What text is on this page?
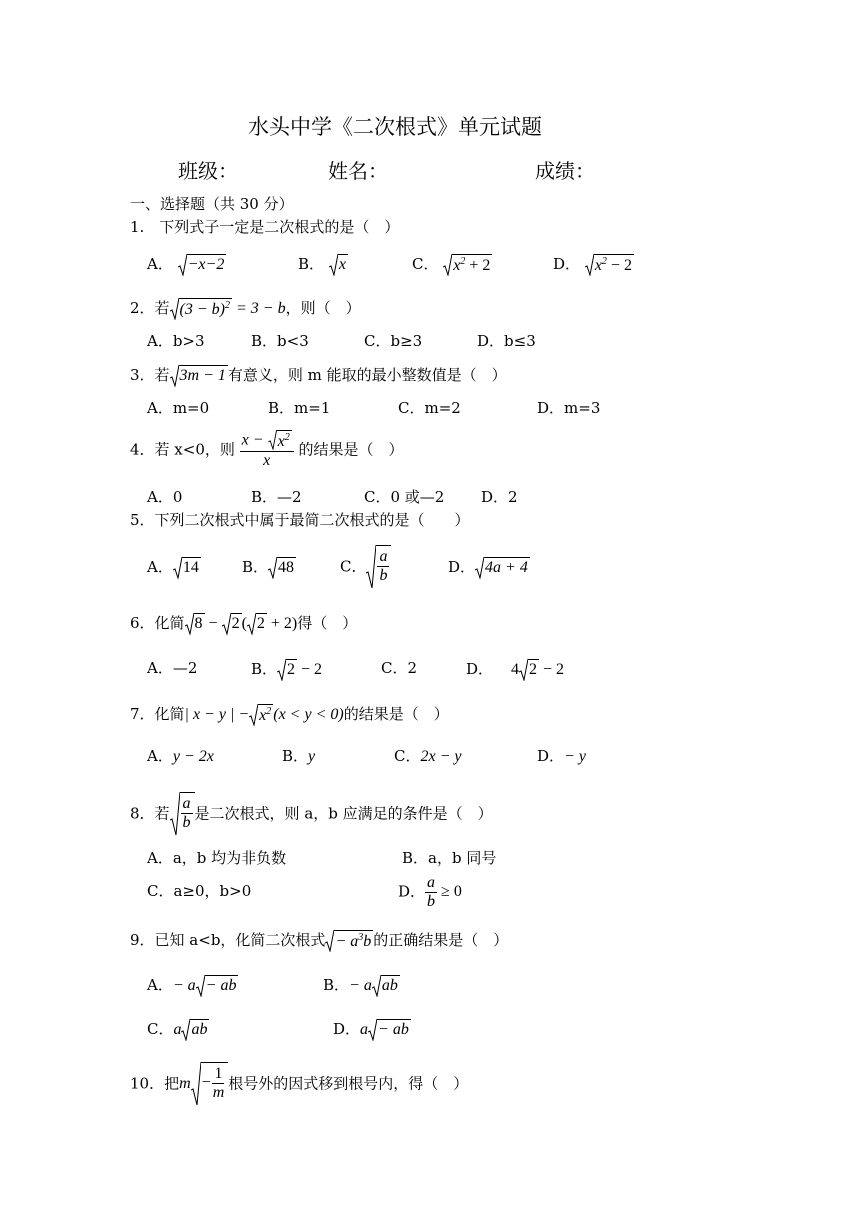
水头中学《二次根式》单元试题
班级：	姓名：	成绩：
一、选择题（共 30 分）
1.　下列式子一定是二次根式的是（　）
A． −x−2	B． x	C． $x^2 + 2$	D． $x^2 - 2$
2．若 $(3 - b)^2 = 3 - b$，则（　）
A．b>3	B．b<3	C．b≥3	D．b≤3
3．若 3m − 1 有意义，则 m 能取的最小整数值是（　）
A．m=0	B．m=1	C．m=2	D．m=3
4．若 x<0，则 $\frac{x - x^2}{x}$ 的结果是（　）
A．0	B．—2	C．0 或—2 D．2
5．下列二次根式中属于最简二次根式的是（　　）
A． 14	B． 48	C． $\frac{a}{b}$	D． 4a + 4
6．化简 8 − 2 ( 2 + 2)得（　）
A．—2	B． 2 − 2	C．2	D． 4 2 − 2
7．化简| x − y | − $x^2$ (x < y < 0)的结果是（　）
A．y − 2x	B．y	C．2x − y	D．− y
8．若 $\frac{a}{b}$ 是二次根式，则 a，b 应满足的条件是（　）
A．a，b 均为非负数	B．a，b 同号
C．a≥0，b>0	D． $\frac{a}{b} \ge 0$
9．已知 a<b，化简二次根式 − $a^3b$ 的正确结果是（　）
A．− a − ab	B．− a ab
C．a ab	D．a − ab
10．把$m - \frac{1}{m}$ 根号外的因式移到根号内，得（　）
